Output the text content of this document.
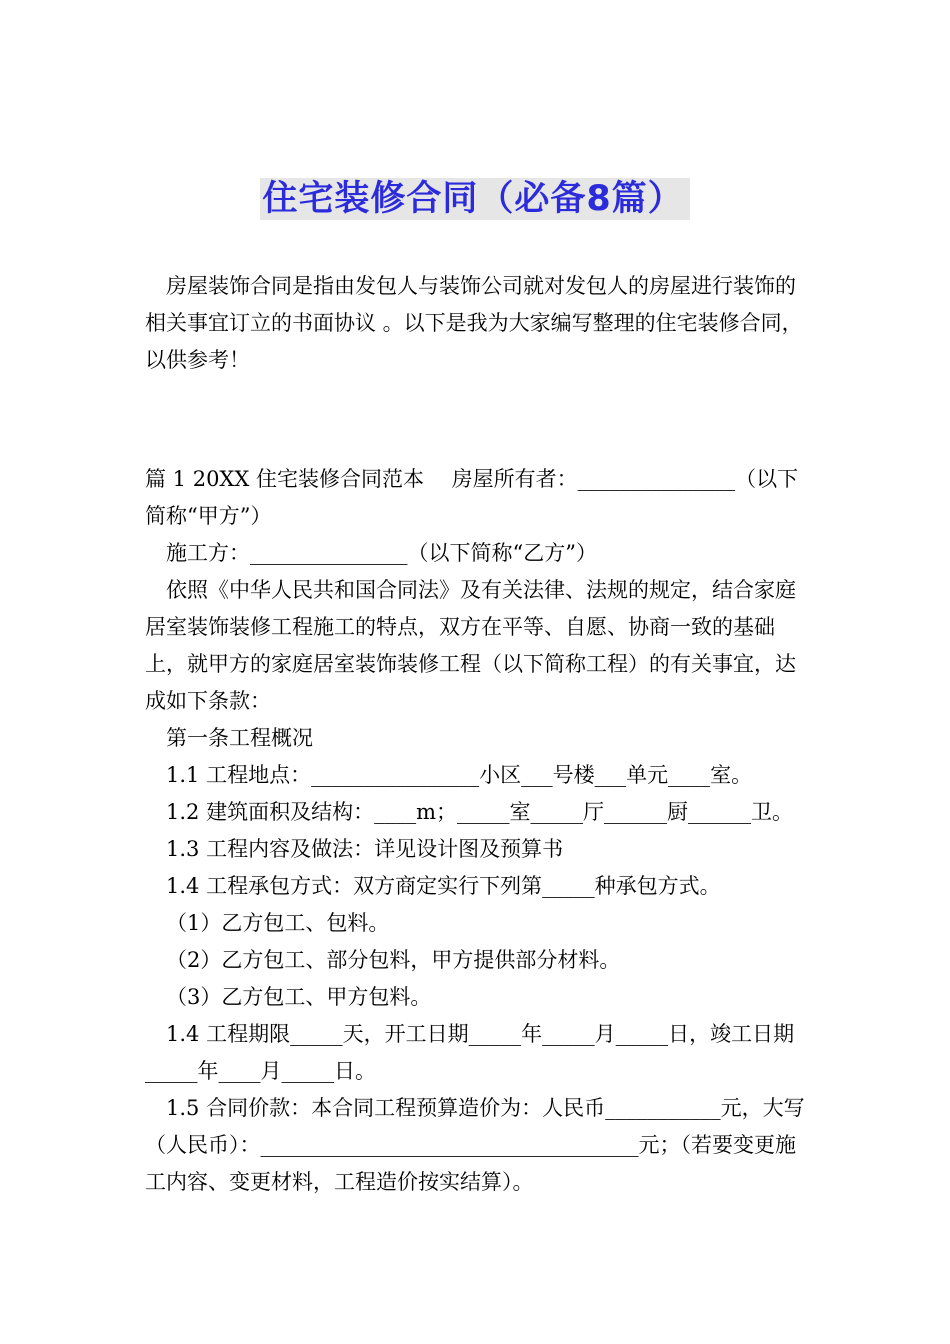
住宅装修合同（必备8篇）

房屋装饰合同是指由发包人与装饰公司就对发包人的房屋进行装饰的相关事宜订立的书面协议 。以下是我为大家编写整理的住宅装修合同，以供参考！

篇 1 20XX 住宅装修合同范本　 房屋所有者：_______________（以下简称“甲方”）

施工方：_______________（以下简称“乙方”）

依照《中华人民共和国合同法》及有关法律、法规的规定，结合家庭居室装饰装修工程施工的特点，双方在平等、自愿、协商一致的基础上，就甲方的家庭居室装饰装修工程（以下简称工程）的有关事宜，达成如下条款：

第一条工程概况

1.1 工程地点：________________小区___号楼___单元____室。

1.2 建筑面积及结构：____m；_____室_____厅______厨______卫。

1.3 工程内容及做法：详见设计图及预算书

1.4 工程承包方式：双方商定实行下列第_____种承包方式。

（1）乙方包工、包料。

（2）乙方包工、部分包料，甲方提供部分材料。

（3）乙方包工、甲方包料。

1.4 工程期限_____天，开工日期_____年_____月_____日，竣工日期_____年____月_____日。

1.5 合同价款：本合同工程预算造价为：人民币___________元，大写（人民币）：____________________________________元；（若要变更施工内容、变更材料，工程造价按实结算）。
